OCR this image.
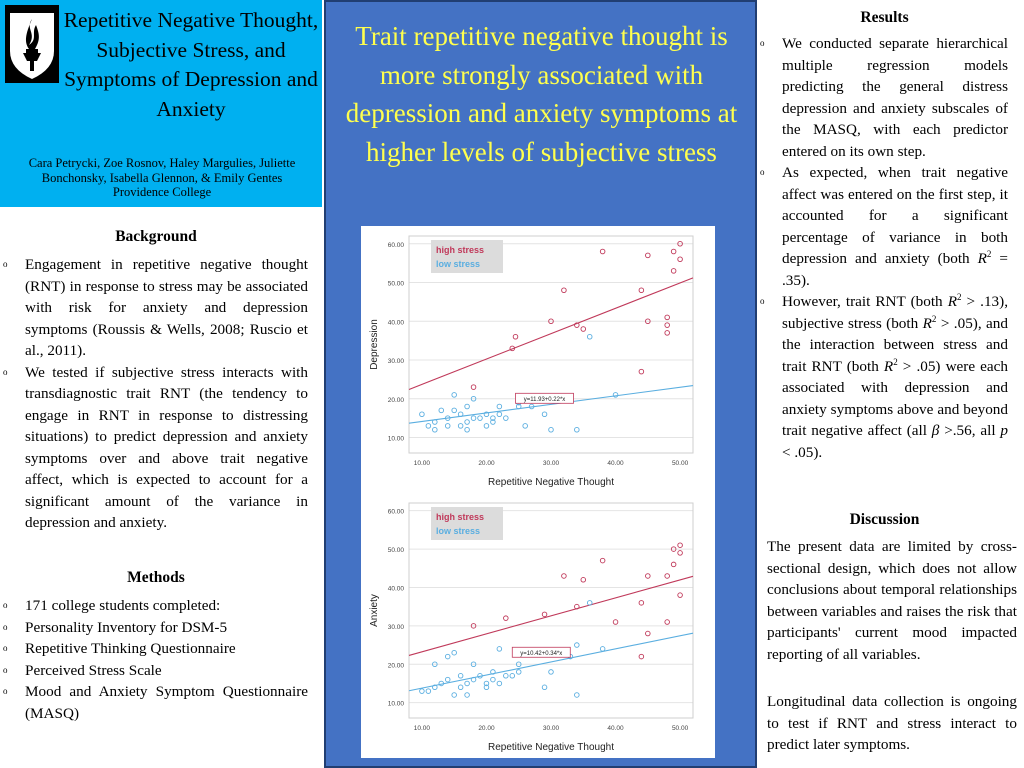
Repetitive Negative Thought, Subjective Stress, and Symptoms of Depression and Anxiety
Cara Petrycki, Zoe Rosnov, Haley Margulies, Juliette Bonchonsky, Isabella Glennon, & Emily Gentes
Providence College
Background
o Engagement in repetitive negative thought (RNT) in response to stress may be associated with risk for anxiety and depression symptoms (Roussis & Wells, 2008; Ruscio et al., 2011).
o We tested if subjective stress interacts with transdiagnostic trait RNT (the tendency to engage in RNT in response to distressing situations) to predict depression and anxiety symptoms over and above trait negative affect, which is expected to account for a significant amount of the variance in depression and anxiety.
Methods
o 171 college students completed:
o Personality Inventory for DSM-5
o Repetitive Thinking Questionnaire
o Perceived Stress Scale
o Mood and Anxiety Symptom Questionnaire (MASQ)
Trait repetitive negative thought is more strongly associated with depression and anxiety symptoms at higher levels of subjective stress
10.00
20.00
30.00
40.00
50.00
60.00
10.00	20.00	30.00	40.00	50.00
Repetitive Negative Thought
Depression
high stress
low stress
y=11.93+0.22*x
10.00
20.00
30.00
40.00
50.00
60.00
10.00	20.00	30.00	40.00	50.00
Repetitive Negative Thought
Anxiety
high stress
low stress
y=10.42+0.34*x
Results
o We conducted separate hierarchical multiple regression models predicting the general distress depression and anxiety subscales of the MASQ, with each predictor entered on its own step.
o As expected, when trait negative affect was entered on the first step, it accounted for a significant percentage of variance in both depression and anxiety (both $R^2 = .35$).
o However, trait RNT (both $R^2 > .13$), subjective stress (both $R^2 > .05$), and the interaction between stress and trait RNT (both $R^2 > .05$) were each associated with depression and anxiety symptoms above and beyond trait negative affect (all β >.56, all p < .05).
Discussion
The present data are limited by cross-sectional design, which does not allow conclusions about temporal relationships between variables and raises the risk that participants' current mood impacted reporting of all variables.
Longitudinal data collection is ongoing to test if RNT and stress interact to predict later symptoms.
